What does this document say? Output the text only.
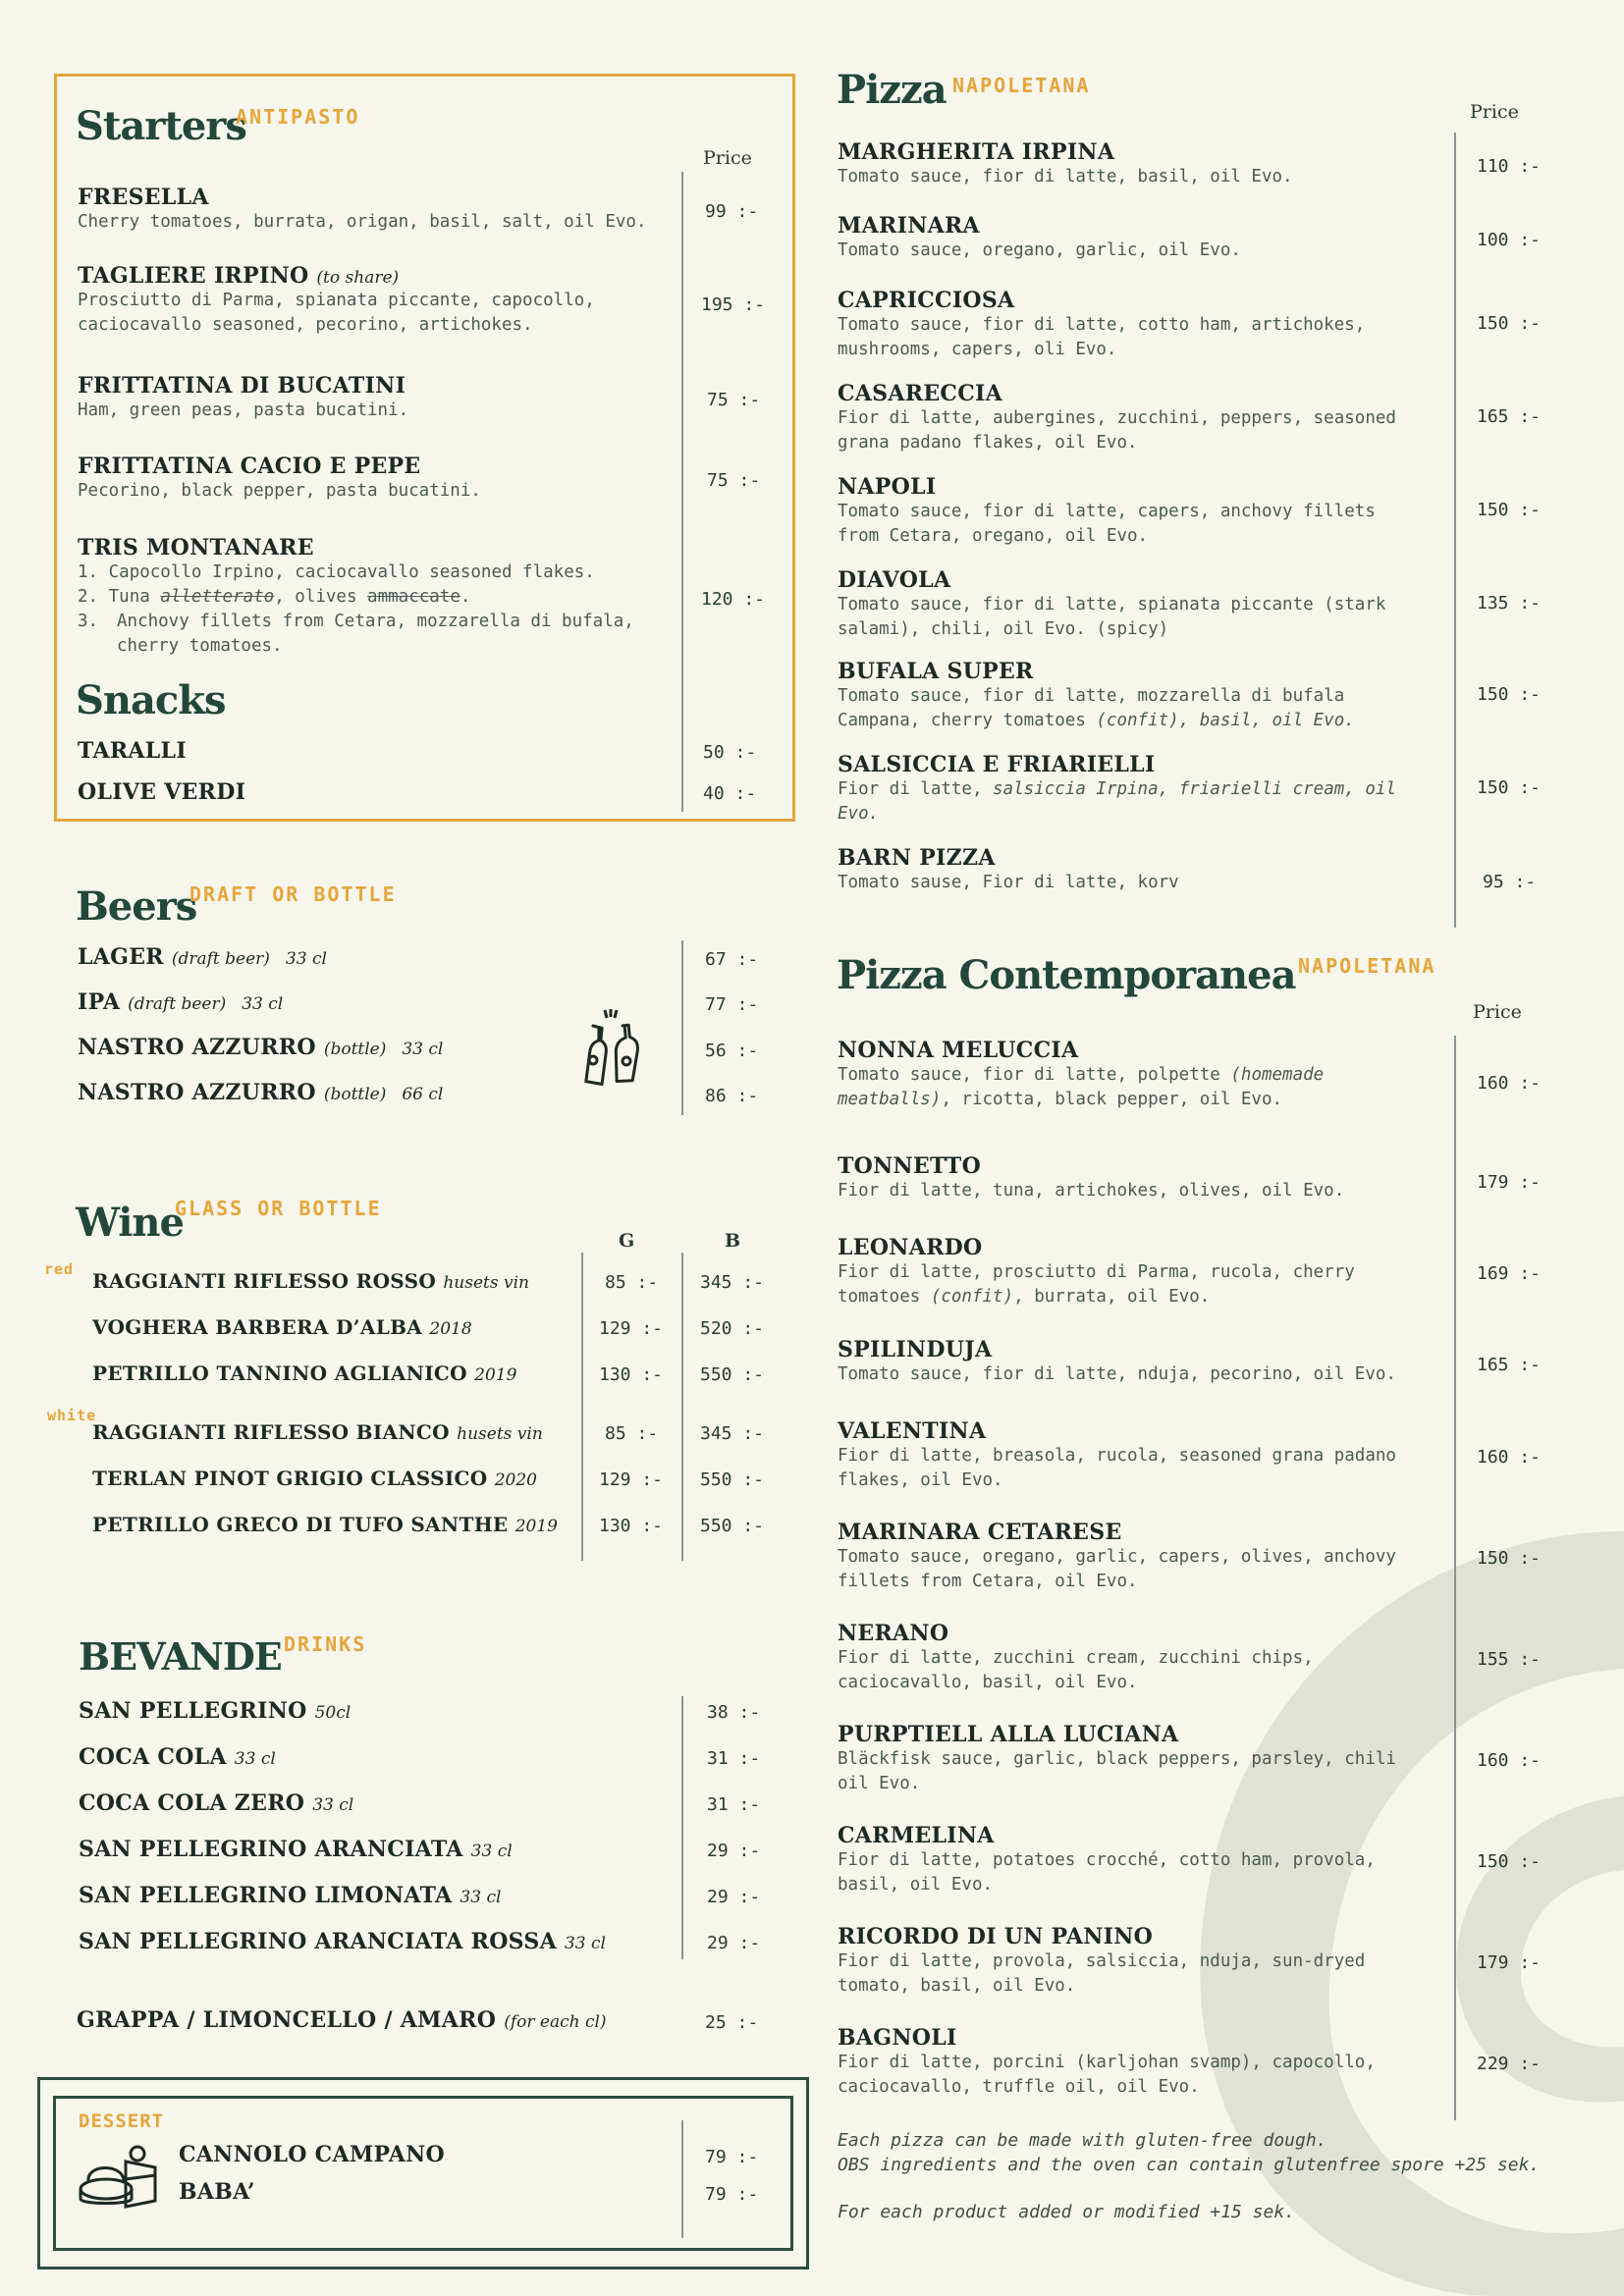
Starters
ANTIPASTO
Price
FRESELLA
Cherry tomatoes, burrata, origan, basil, salt, oil Evo.	99 :-
TAGLIERE IRPINO (to share)
Prosciutto di Parma, spianata piccante, capocollo, caciocavallo seasoned, pecorino, artichokes.
195 :-
FRITTATINA DI BUCATINI
Ham, green peas, pasta bucatini.	75 :-
FRITTATINA CACIO E PEPE
Pecorino, black pepper, pasta bucatini.	75 :-
TRIS MONTANARE
1. Capocollo Irpino, caciocavallo seasoned flakes.
2. Tuna alletterato, olives ammaccate.
3.	Anchovy fillets from Cetara, mozzarella di bufala, cherry tomatoes.
120 :-
Snacks
TARALLI	50 :-
OLIVE VERDI	40 :-
Beers
DRAFT OR BOTTLE
LAGER (draft beer) 33 cl	67 :-
IPA (draft beer) 33 cl	77 :-
NASTRO AZZURRO (bottle) 33 cl	56 :-
NASTRO AZZURRO (bottle) 66 cl	86 :-
Wine
GLASS OR BOTTLE
G	B
red
white
RAGGIANTI RIFLESSO ROSSO husets vin	85 :- 345 :-
VOGHERA BARBERA D’ALBA 2018	129 :- 520 :-
PETRILLO TANNINO AGLIANICO 2019	130 :- 550 :-
RAGGIANTI RIFLESSO BIANCO husets vin	85 :- 345 :-
TERLAN PINOT GRIGIO CLASSICO 2020	129 :- 550 :-
PETRILLO GRECO DI TUFO SANTHE 2019 130 :- 550 :-
BEVANDE DRINKS
SAN PELLEGRINO 50cl	38 :-
COCA COLA 33 cl	31 :-
COCA COLA ZERO 33 cl	31 :-
SAN PELLEGRINO ARANCIATA 33 cl	29 :-
SAN PELLEGRINO LIMONATA 33 cl	29 :-
SAN PELLEGRINO ARANCIATA ROSSA 33 cl	29 :-
GRAPPA / LIMONCELLO / AMARO (for each cl)	25 :-
DESSERT
CANNOLO CAMPANO	79 :-
BABA’	79 :-
Pizza NAPOLETANA
Price
MARGHERITA IRPINA
Tomato sauce, fior di latte, basil, oil Evo.	110 :-
MARINARA
Tomato sauce, oregano, garlic, oil Evo.	100 :-
CAPRICCIOSA
Tomato sauce, fior di latte, cotto ham, artichokes, mushrooms, capers, oli Evo.
150 :-
CASARECCIA
Fior di latte, aubergines, zucchini, peppers, seasoned grana padano flakes, oil Evo.
165 :-
NAPOLI
Tomato sauce, fior di latte, capers, anchovy fillets from Cetara, oregano, oil Evo.
150 :-
DIAVOLA
Tomato sauce, fior di latte, spianata piccante (stark salami), chili, oil Evo. (spicy)
135 :-
BUFALA SUPER
Tomato sauce, fior di latte, mozzarella di bufala Campana, cherry tomatoes (confit), basil, oil Evo.
150 :-
SALSICCIA E FRIARIELLI
Fior di latte, salsiccia Irpina, friarielli cream, oil Evo.
150 :-
BARN PIZZA
Tomato sause, Fior di latte, korv	95 :-
Pizza Contemporanea NAPOLETANA
Price
NONNA MELUCCIA
Tomato sauce, fior di latte, polpette (homemade meatballs), ricotta, black pepper, oil Evo.
160 :-
TONNETTO
Fior di latte, tuna, artichokes, olives, oil Evo.	179 :-
LEONARDO
Fior di latte, prosciutto di Parma, rucola, cherry tomatoes (confit), burrata, oil Evo.
169 :-
SPILINDUJA
Tomato sauce, fior di latte, nduja, pecorino, oil Evo.	165 :-
VALENTINA
Fior di latte, breasola, rucola, seasoned grana padano flakes, oil Evo.
160 :-
MARINARA CETARESE
Tomato sauce, oregano, garlic, capers, olives, anchovy fillets from Cetara, oil Evo.
150 :-
NERANO
Fior di latte, zucchini cream, zucchini chips, caciocavallo, basil, oil Evo.
155 :-
PURPTIELL ALLA LUCIANA
Bläckfisk sauce, garlic, black peppers, parsley, chili oil Evo.
160 :-
CARMELINA
Fior di latte, potatoes crocché, cotto ham, provola, basil, oil Evo.
150 :-
RICORDO DI UN PANINO
Fior di latte, provola, salsiccia, nduja, sun-dryed tomato, basil, oil Evo.
179 :-
BAGNOLI
Fior di latte, porcini (karljohan svamp), capocollo, caciocavallo, truffle oil, oil Evo.
229 :-
Each pizza can be made with gluten-free dough.
OBS ingredients and the oven can contain glutenfree spore +25 sek.
For each product added or modified +15 sek.
